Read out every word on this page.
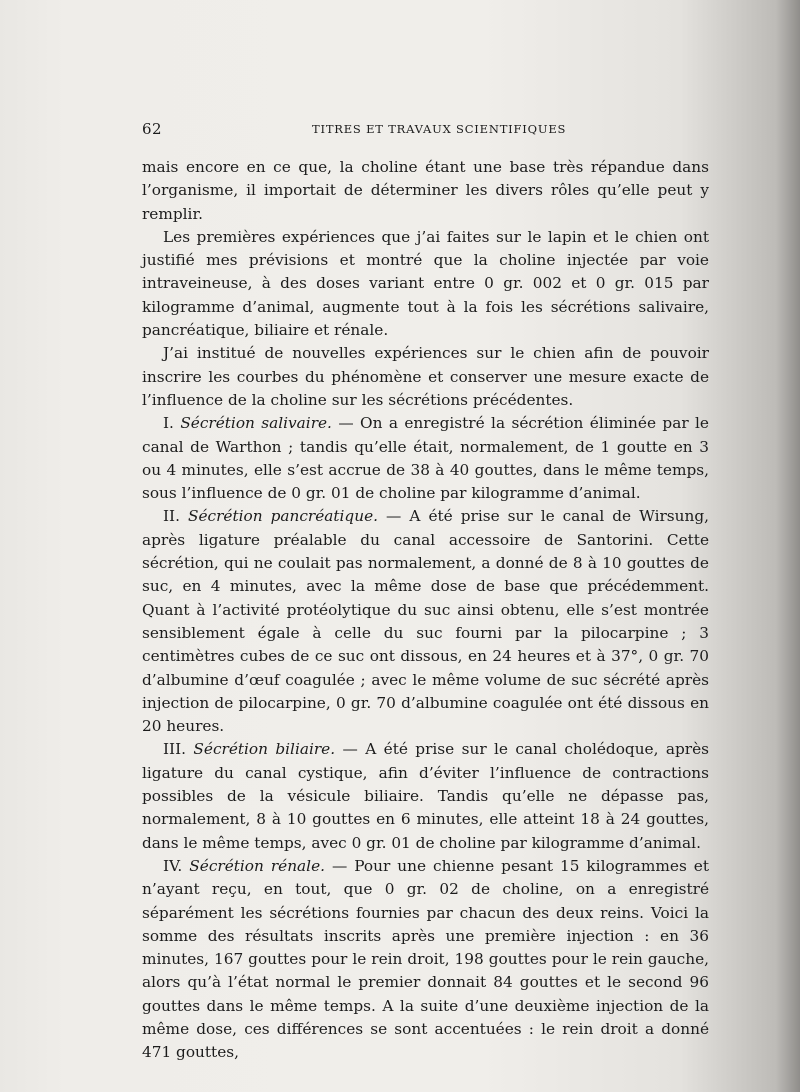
62	TITRES ET TRAVAUX SCIENTIFIQUES

mais encore en ce que, la choline étant une base très répandue dans l’organisme, il importait de déterminer les divers rôles qu’elle peut y remplir.

Les premières expériences que j’ai faites sur le lapin et le chien ont justifié mes prévisions et montré que la choline injectée par voie intraveineuse, à des doses variant entre 0 gr. 002 et 0 gr. 015 par kilogramme d’animal, augmente tout à la fois les sécrétions salivaire, pancréatique, biliaire et rénale.

J’ai institué de nouvelles expériences sur le chien afin de pouvoir inscrire les courbes du phénomène et conserver une mesure exacte de l’influence de la choline sur les sécrétions précédentes.

I. Sécrétion salivaire. — On a enregistré la sécrétion éliminée par le canal de Warthon ; tandis qu’elle était, normalement, de 1 goutte en 3 ou 4 minutes, elle s’est accrue de 38 à 40 gouttes, dans le même temps, sous l’influence de 0 gr. 01 de choline par kilogramme d’animal.

II. Sécrétion pancréatique. — A été prise sur le canal de Wirsung, après ligature préalable du canal accessoire de Santorini. Cette sécrétion, qui ne coulait pas normalement, a donné de 8 à 10 gouttes de suc, en 4 minutes, avec la même dose de base que précédemment. Quant à l’activité protéolytique du suc ainsi obtenu, elle s’est montrée sensiblement égale à celle du suc fourni par la pilocarpine ; 3 centimètres cubes de ce suc ont dissous, en 24 heures et à 37°, 0 gr. 70 d’albumine d’œuf coagulée ; avec le même volume de suc sécrété après injection de pilocarpine, 0 gr. 70 d’albumine coagulée ont été dissous en 20 heures.

III. Sécrétion biliaire. — A été prise sur le canal cholédoque, après ligature du canal cystique, afin d’éviter l’influence de contractions possibles de la vésicule biliaire. Tandis qu’elle ne dépasse pas, normalement, 8 à 10 gouttes en 6 minutes, elle atteint 18 à 24 gouttes, dans le même temps, avec 0 gr. 01 de choline par kilogramme d’animal.

IV. Sécrétion rénale. — Pour une chienne pesant 15 kilogrammes et n’ayant reçu, en tout, que 0 gr. 02 de choline, on a enregistré séparément les sécrétions fournies par chacun des deux reins. Voici la somme des résultats inscrits après une première injection : en 36 minutes, 167 gouttes pour le rein droit, 198 gouttes pour le rein gauche, alors qu’à l’état normal le premier donnait 84 gouttes et le second 96 gouttes dans le même temps. A la suite d’une deuxième injection de la même dose, ces différences se sont accentuées : le rein droit a donné 471 gouttes,
